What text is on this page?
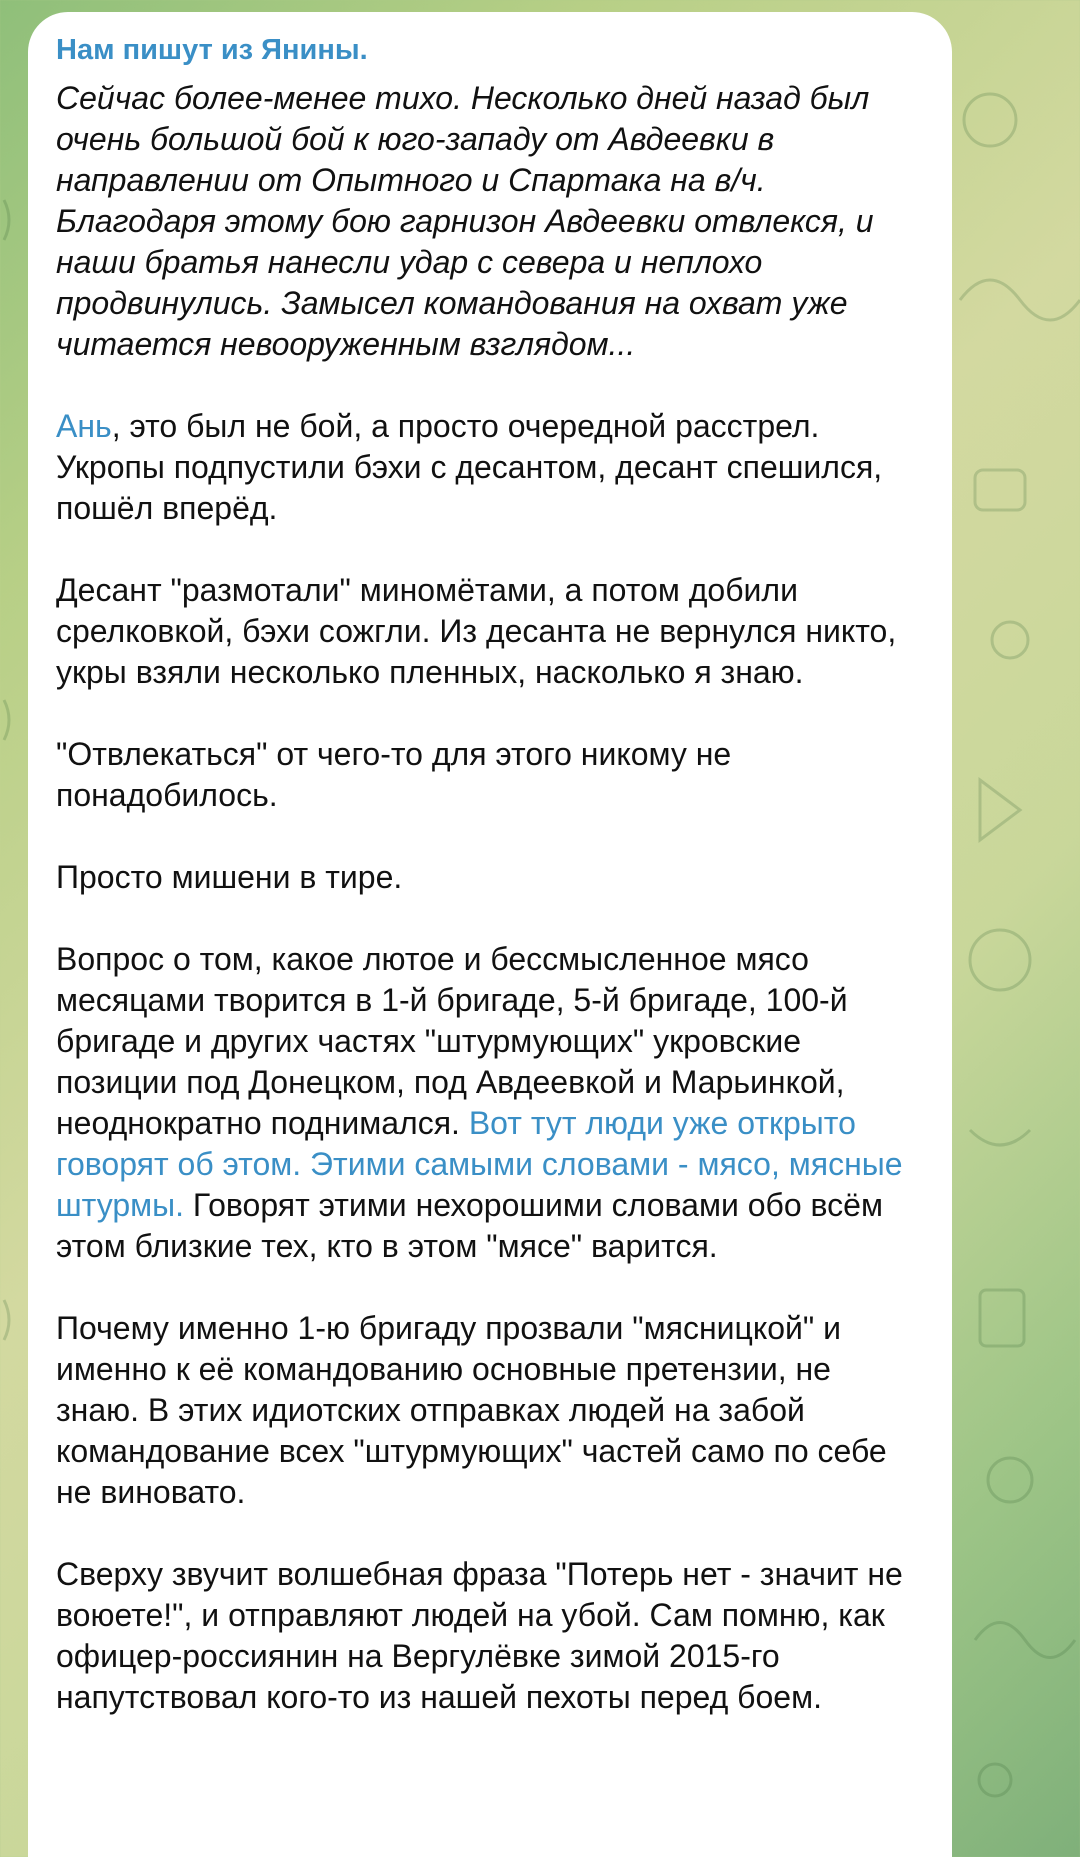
Нам пишут из Янины.

Сейчас более-менее тихо. Несколько дней назад был очень большой бой к юго-западу от Авдеевки в направлении от Опытного и Спартака на в/ч. Благодаря этому бою гарнизон Авдеевки отвлекся, и наши братья нанесли удар с севера и неплохо продвинулись. Замысел командования на охват уже читается невооруженным взглядом...

Ань, это был не бой, а просто очередной расстрел. Укропы подпустили бэхи с десантом, десант спешился, пошёл вперёд.

Десант "размотали" миномётами, а потом добили срелковкой, бэхи сожгли. Из десанта не вернулся никто, укры взяли несколько пленных, насколько я знаю.

"Отвлекаться" от чего-то для этого никому не понадобилось.

Просто мишени в тире.

Вопрос о том, какое лютое и бессмысленное мясо месяцами творится в 1-й бригаде, 5-й бригаде, 100-й бригаде и других частях "штурмующих" укровские позиции под Донецком, под Авдеевкой и Марьинкой, неоднократно поднимался. Вот тут люди уже открыто говорят об этом. Этими самыми словами - мясо, мясные штурмы. Говорят этими нехорошими словами обо всём этом близкие тех, кто в этом "мясе" варится.

Почему именно 1-ю бригаду прозвали "мясницкой" и именно к её командованию основные претензии, не знаю. В этих идиотских отправках людей на забой командование всех "штурмующих" частей само по себе не виновато.

Сверху звучит волшебная фраза "Потерь нет - значит не воюете!", и отправляют людей на убой. Сам помню, как офицер-россиянин на Вергулёвке зимой 2015-го напутствовал кого-то из нашей пехоты перед боем.
